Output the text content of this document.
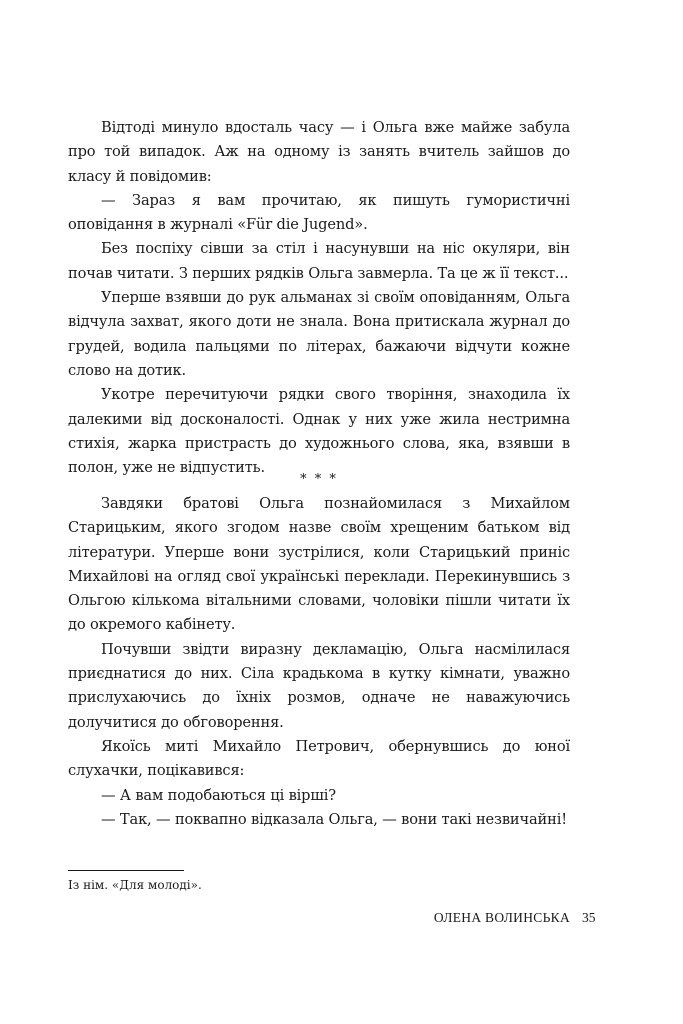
Відтоді минуло вдосталь часу — і Ольга вже майже забула про той випадок. Аж на одному із занять вчитель зайшов до класу й повідомив:

— Зараз я вам прочитаю, як пишуть гумористичні оповідання в журналі «Für die Jugend».

Без поспіху сівши за стіл і насунувши на ніс окуляри, він почав читати. З перших рядків Ольга завмерла. Та це ж її текст...

Уперше взявши до рук альманах зі своїм оповіданням, Ольга відчула захват, якого доти не знала. Вона притискала журнал до грудей, водила пальцями по літерах, бажаючи відчути кожне слово на дотик.

Укотре перечитуючи рядки свого творіння, знаходила їх далекими від досконалості. Однак у них уже жила нестримна стихія, жарка пристрасть до художнього слова, яка, взявши в полон, уже не відпустить.

* * *

Завдяки братові Ольга познайомилася з Михайлом Старицьким, якого згодом назве своїм хрещеним батьком від літератури. Уперше вони зустрілися, коли Старицький приніс Михайлові на огляд свої українські переклади. Перекинувшись з Ольгою кількома вітальними словами, чоловіки пішли читати їх до окремого кабінету.

Почувши звідти виразну декламацію, Ольга насмілилася приєднатися до них. Сіла крадькома в кутку кімнати, уважно прислухаючись до їхніх розмов, одначе не наважуючись долучитися до обговорення.

Якоїсь миті Михайло Петрович, обернувшись до юної слухачки, поцікавився:

— А вам подобаються ці вірші?

— Так, — поквапно відказала Ольга, — вони такі незвичайні!

Із нім. «Для молоді».
ОЛЕНА ВОЛИНСЬКА 35
